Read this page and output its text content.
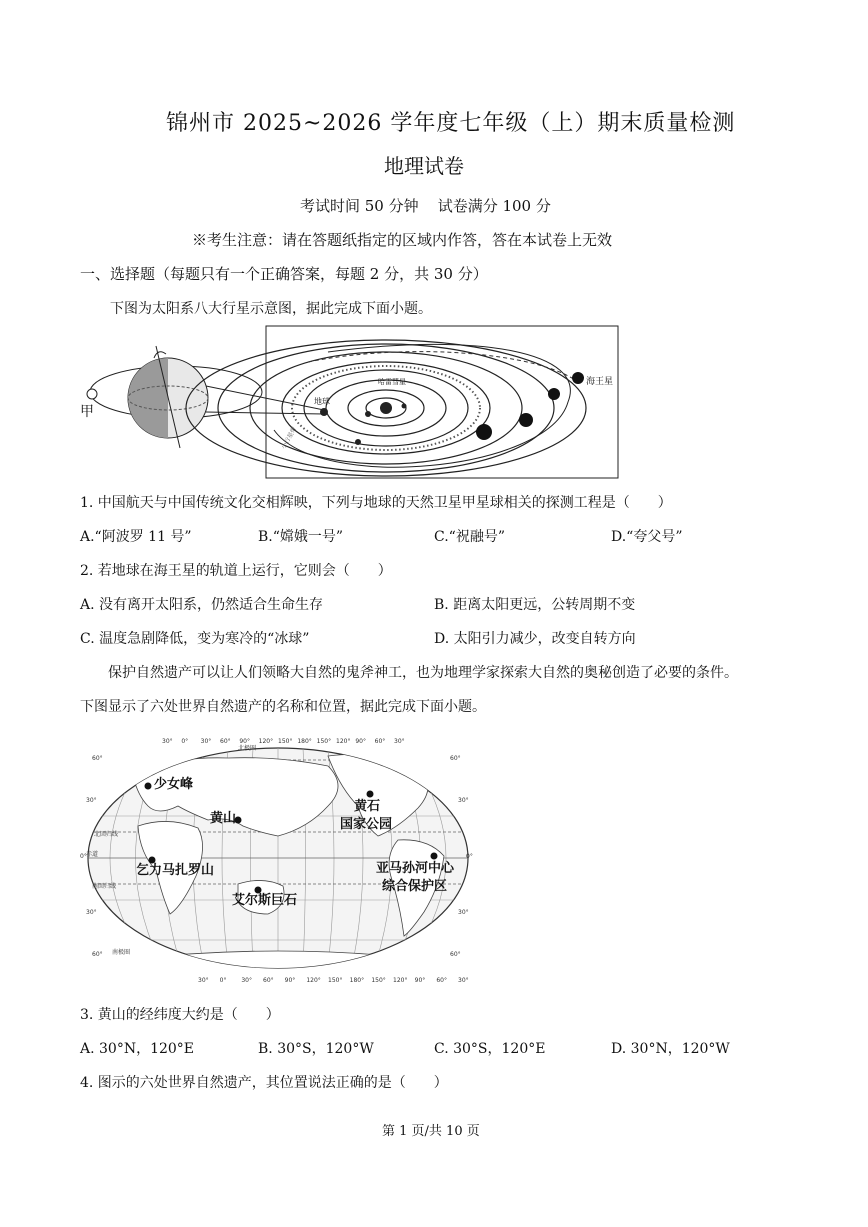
锦州市 2025~2026 学年度七年级（上）期末质量检测
地理试卷
考试时间 50 分钟    试卷满分 100 分
※考生注意：请在答题纸指定的区域内作答，答在本试卷上无效
一、选择题（每题只有一个正确答案，每题 2 分，共 30 分）
下图为太阳系八大行星示意图，据此完成下面小题。
甲
地球
海王星
哈雷彗星
小行星带
1. 中国航天与中国传统文化交相辉映，下列与地球的天然卫星甲星球相关的探测工程是（　　）
A.“阿波罗 11 号”	B.“嫦娥一号”	C.“祝融号”	D.“夸父号”
2. 若地球在海王星的轨道上运行，它则会（　　）
A. 没有离开太阳系，仍然适合生命生存	B. 距离太阳更远，公转周期不变
C. 温度急剧降低，变为寒冷的“冰球”	D. 太阳引力减少，改变自转方向
保护自然遗产可以让人们领略大自然的鬼斧神工，也为地理学家探索大自然的奥秘创造了必要的条件。
下图显示了六处世界自然遗产的名称和位置，据此完成下面小题。
30° 0° 30° 60° 90° 120° 150° 180° 150° 120° 90° 60° 30°
60°
30°
0°
30°
60°
60°
30°
0°
30°
60°
30° 0° 30° 60° 90° 120° 150° 180° 150° 120° 90° 60° 30°
少女峰
黄山
黄石
国家公园
乞力马扎罗山
艾尔斯巨石
亚马孙河中心
综合保护区
北极圈
北回归线
赤道
南回归线
南极圈
3. 黄山的经纬度大约是（　　）
A. 30°N，120°E	B. 30°S，120°W	C. 30°S，120°E	D. 30°N，120°W
4. 图示的六处世界自然遗产，其位置说法正确的是（　　）
第 1 页/共 10 页
